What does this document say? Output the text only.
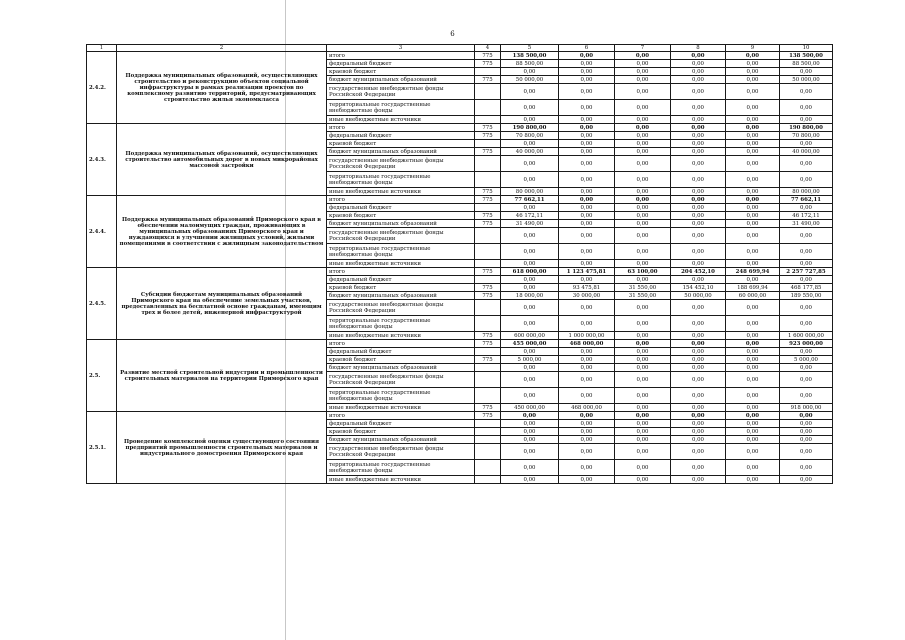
6
1	2	3	4	5	6	7	8	9	10
2.4.2.	Поддержка муниципальных образований, осуществляющих строительство и реконструкцию объектов социальной инфраструктуры в рамках реализации проектов по комплексному развитию территорий, предусматривающих строительство жилья экономкласса	итого	775	138 500,00	0,00	0,00	0,00	0,00	138 500,00
		федеральный бюджет	775	88 500,00	0,00	0,00	0,00	0,00	88 500,00
		краевой бюджет		0,00	0,00	0,00	0,00	0,00	0,00
		бюджет муниципальных образований	775	50 000,00	0,00	0,00	0,00	0,00	50 000,00
		государственные внебюджетные фонды Российской Федерации		0,00	0,00	0,00	0,00	0,00	0,00
		территориальные государственные внебюджетные фонды		0,00	0,00	0,00	0,00	0,00	0,00
		иные внебюджетные источники		0,00	0,00	0,00	0,00	0,00	0,00
2.4.3.	Поддержка муниципальных образований, осуществляющих строительство автомобильных дорог в новых микрорайонах массовой застройки	итого	775	190 800,00	0,00	0,00	0,00	0,00	190 800,00
		федеральный бюджет	775	70 800,00	0,00	0,00	0,00	0,00	70 800,00
		краевой бюджет		0,00	0,00	0,00	0,00	0,00	0,00
		бюджет муниципальных образований	775	40 000,00	0,00	0,00	0,00	0,00	40 000,00
		государственные внебюджетные фонды Российской Федерации		0,00	0,00	0,00	0,00	0,00	0,00
		территориальные государственные внебюджетные фонды		0,00	0,00	0,00	0,00	0,00	0,00
		иные внебюджетные источники	775	80 000,00	0,00	0,00	0,00	0,00	80 000,00
2.4.4.	Поддержка муниципальных образований Приморского края в обеспечении малоимущих граждан, проживающих в муниципальных образованиях Приморского края и нуждающихся в улучшении жилищных условий, жилыми помещениями в соответствии с жилищным законодательством	итого	775	77 662,11	0,00	0,00	0,00	0,00	77 662,11
		федеральный бюджет		0,00	0,00	0,00	0,00	0,00	0,00
		краевой бюджет	775	46 172,11	0,00	0,00	0,00	0,00	46 172,11
		бюджет муниципальных образований	775	31 490,00	0,00	0,00	0,00	0,00	31 490,00
		государственные внебюджетные фонды Российской Федерации		0,00	0,00	0,00	0,00	0,00	0,00
		территориальные государственные внебюджетные фонды		0,00	0,00	0,00	0,00	0,00	0,00
		иные внебюджетные источники		0,00	0,00	0,00	0,00	0,00	0,00
2.4.5.	Субсидии бюджетам муниципальных образований Приморского края на обеспечение земельных участков, предоставленных на бесплатной основе гражданам, имеющим трех и более детей, инженерной инфраструктурой	итого	775	618 000,00	1 123 475,81	63 100,00	204 452,10	248 699,94	2 257 727,85
		федеральный бюджет		0,00	0,00	0,00	0,00	0,00	0,00
		краевой бюджет	775	0,00	93 475,81	31 550,00	154 452,10	188 699,94	468 177,85
		бюджет муниципальных образований	775	18 000,00	30 000,00	31 550,00	50 000,00	60 000,00	189 550,00
		государственные внебюджетные фонды Российской Федерации		0,00	0,00	0,00	0,00	0,00	0,00
		территориальные государственные внебюджетные фонды		0,00	0,00	0,00	0,00	0,00	0,00
		иные внебюджетные источники	775	600 000,00	1 000 000,00	0,00	0,00	0,00	1 600 000,00
2.5.	Развитие местной строительной индустрии и промышленности строительных материалов на территории Приморского края	итого	775	455 000,00	468 000,00	0,00	0,00	0,00	923 000,00
		федеральный бюджет		0,00	0,00	0,00	0,00	0,00	0,00
		краевой бюджет	775	5 000,00	0,00	0,00	0,00	0,00	5 000,00
		бюджет муниципальных образований		0,00	0,00	0,00	0,00	0,00	0,00
		государственные внебюджетные фонды Российской Федерации		0,00	0,00	0,00	0,00	0,00	0,00
		территориальные государственные внебюджетные фонды		0,00	0,00	0,00	0,00	0,00	0,00
		иные внебюджетные источники	775	450 000,00	468 000,00	0,00	0,00	0,00	918 000,00
2.5.1.	Проведение комплексной оценки существующего состояния предприятий промышленности строительных материалов и индустриального домостроения Приморского края	итого	775	0,00	0,00	0,00	0,00	0,00	0,00
		федеральный бюджет		0,00	0,00	0,00	0,00	0,00	0,00
		краевой бюджет		0,00	0,00	0,00	0,00	0,00	0,00
		бюджет муниципальных образований		0,00	0,00	0,00	0,00	0,00	0,00
		государственные внебюджетные фонды Российской Федерации		0,00	0,00	0,00	0,00	0,00	0,00
		территориальные государственные внебюджетные фонды		0,00	0,00	0,00	0,00	0,00	0,00
		иные внебюджетные источники		0,00	0,00	0,00	0,00	0,00	0,00
